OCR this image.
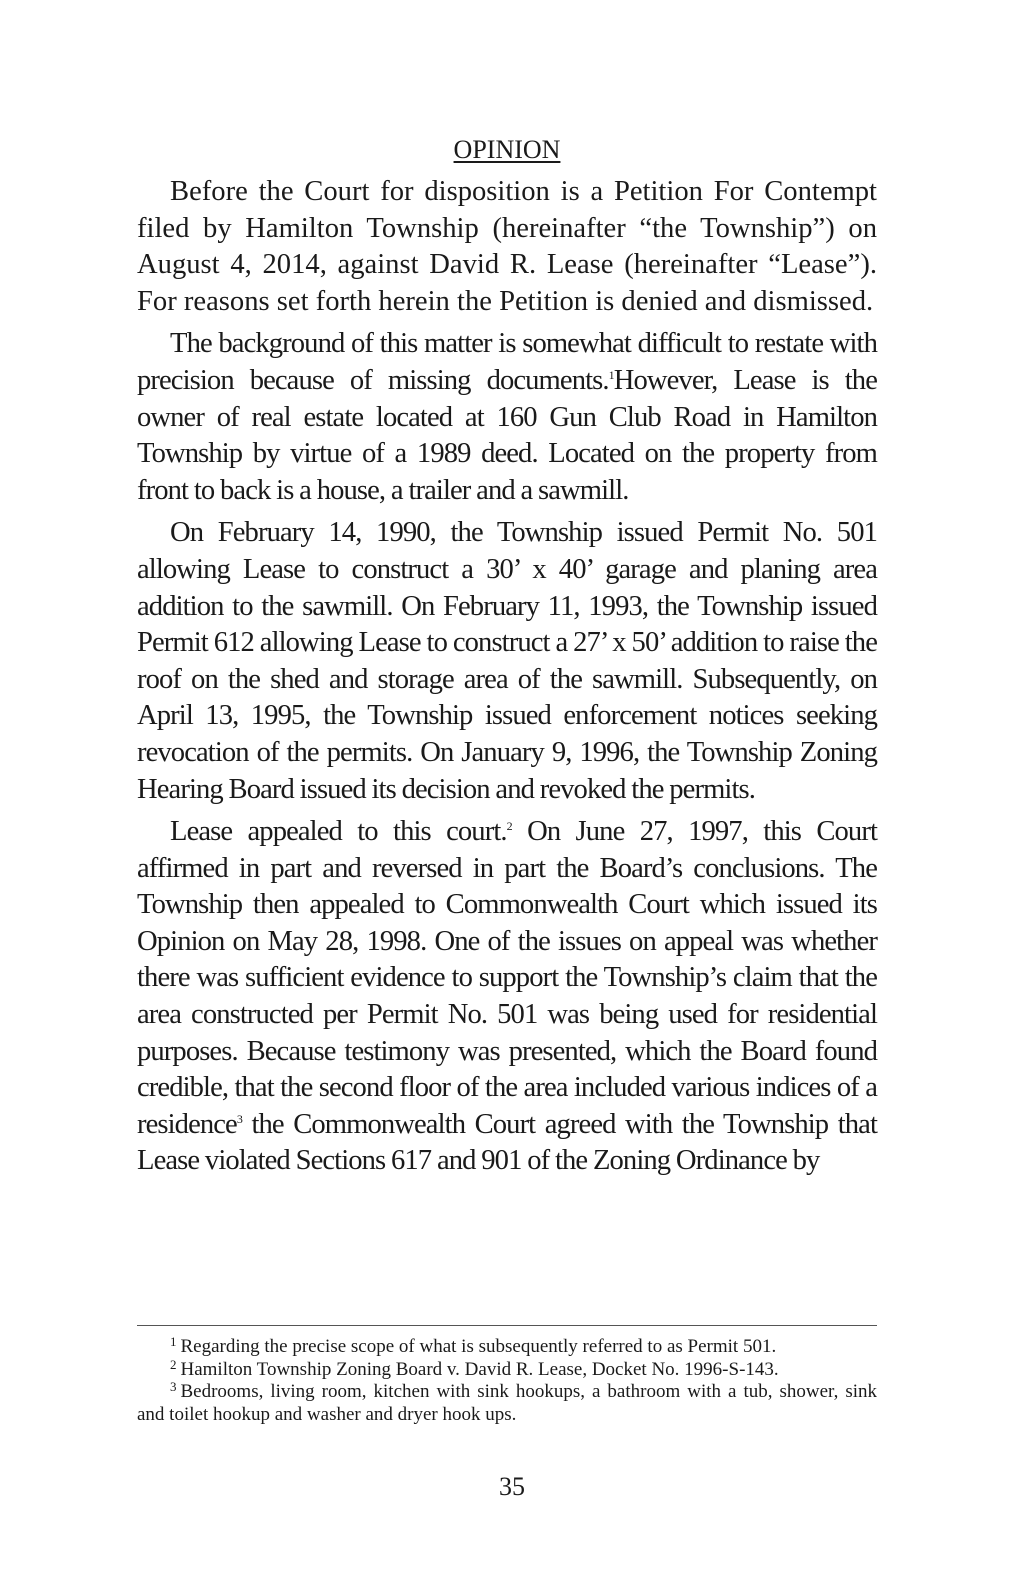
OPINION

Before the Court for disposition is a Petition For Contempt filed by Hamilton Township (hereinafter “the Township”) on August 4, 2014, against David R. Lease (hereinafter “Lease”). For reasons set forth herein the Petition is denied and dismissed.

The background of this matter is somewhat difficult to restate with precision because of missing documents.$^1$However, Lease is the owner of real estate located at 160 Gun Club Road in Hamilton Township by virtue of a 1989 deed. Located on the property from front to back is a house, a trailer and a sawmill.

On February 14, 1990, the Township issued Permit No. 501 allowing Lease to construct a 30’ x 40’ garage and planing area addition to the sawmill. On February 11, 1993, the Township issued Permit 612 allowing Lease to construct a 27’ x 50’ addition to raise the roof on the shed and storage area of the sawmill. Subsequently, on April 13, 1995, the Township issued enforcement notices seeking revocation of the permits. On January 9, 1996, the Township Zoning Hearing Board issued its decision and revoked the permits.

Lease appealed to this court.$^2$ On June 27, 1997, this Court affirmed in part and reversed in part the Board’s conclusions. The Township then appealed to Commonwealth Court which issued its Opinion on May 28, 1998. One of the issues on appeal was whether there was sufficient evidence to support the Township’s claim that the area constructed per Permit No. 501 was being used for residential purposes. Because testimony was presented, which the Board found credible, that the second floor of the area included various indices of a residence$^3$ the Commonwealth Court agreed with the Township that Lease violated Sections 617 and 901 of the Zoning Ordinance by

$^1$ Regarding the precise scope of what is subsequently referred to as Permit 501.

$^2$ Hamilton Township Zoning Board v. David R. Lease, Docket No. 1996-S-143.

$^3$ Bedrooms, living room, kitchen with sink hookups, a bathroom with a tub, shower, sink and toilet hookup and washer and dryer hook ups.

35
